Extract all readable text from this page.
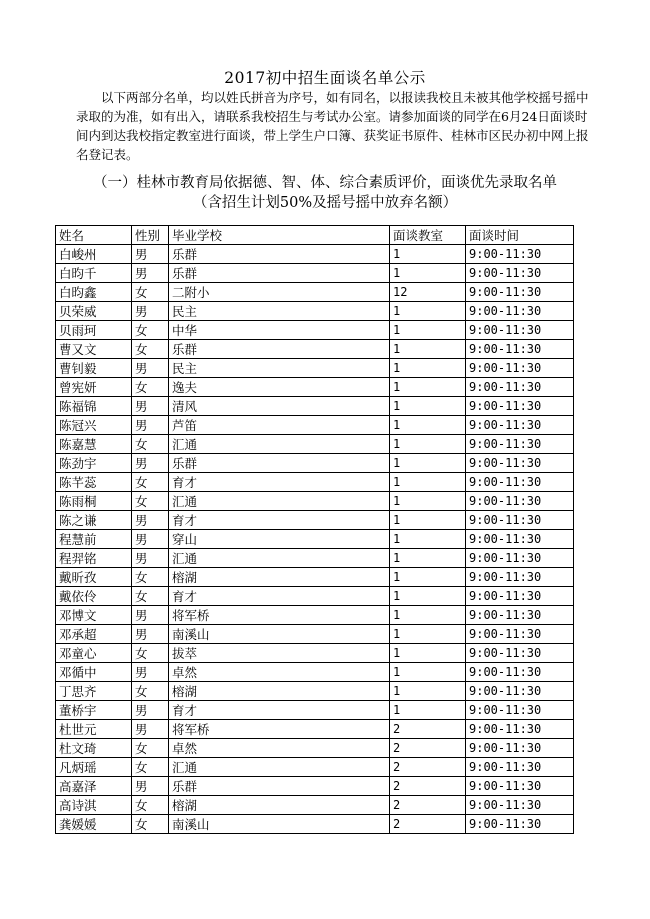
2017初中招生面谈名单公示
以下两部分名单，均以姓氏拼音为序号，如有同名，以报读我校且未被其他学校摇号摇中录取的为准，如有出入，请联系我校招生与考试办公室。请参加面谈的同学在6月24日面谈时间内到达我校指定教室进行面谈，带上学生户口簿、获奖证书原件、桂林市区民办初中网上报名登记表。
（一）桂林市教育局依据德、智、体、综合素质评价，面谈优先录取名单
（含招生计划50%及摇号摇中放弃名额）
姓名	性别	毕业学校	面谈教室	面谈时间
白峻州	男	乐群	1	9:00-11:30
白昀千	男	乐群	1	9:00-11:30
白昀鑫	女	二附小	12	9:00-11:30
贝荣威	男	民主	1	9:00-11:30
贝雨珂	女	中华	1	9:00-11:30
曹又文	女	乐群	1	9:00-11:30
曹钊毅	男	民主	1	9:00-11:30
曾宪妍	女	逸夫	1	9:00-11:30
陈福锦	男	清风	1	9:00-11:30
陈冠兴	男	芦笛	1	9:00-11:30
陈嘉慧	女	汇通	1	9:00-11:30
陈劲宇	男	乐群	1	9:00-11:30
陈芊蕊	女	育才	1	9:00-11:30
陈雨桐	女	汇通	1	9:00-11:30
陈之谦	男	育才	1	9:00-11:30
程慧前	男	穿山	1	9:00-11:30
程羿铭	男	汇通	1	9:00-11:30
戴昕孜	女	榕湖	1	9:00-11:30
戴依伶	女	育才	1	9:00-11:30
邓博文	男	将军桥	1	9:00-11:30
邓承超	男	南溪山	1	9:00-11:30
邓童心	女	拔萃	1	9:00-11:30
邓循中	男	卓然	1	9:00-11:30
丁思齐	女	榕湖	1	9:00-11:30
董桥宇	男	育才	1	9:00-11:30
杜世元	男	将军桥	2	9:00-11:30
杜文琦	女	卓然	2	9:00-11:30
凡炳瑶	女	汇通	2	9:00-11:30
高嘉泽	男	乐群	2	9:00-11:30
高诗淇	女	榕湖	2	9:00-11:30
龚媛媛	女	南溪山	2	9:00-11:30
